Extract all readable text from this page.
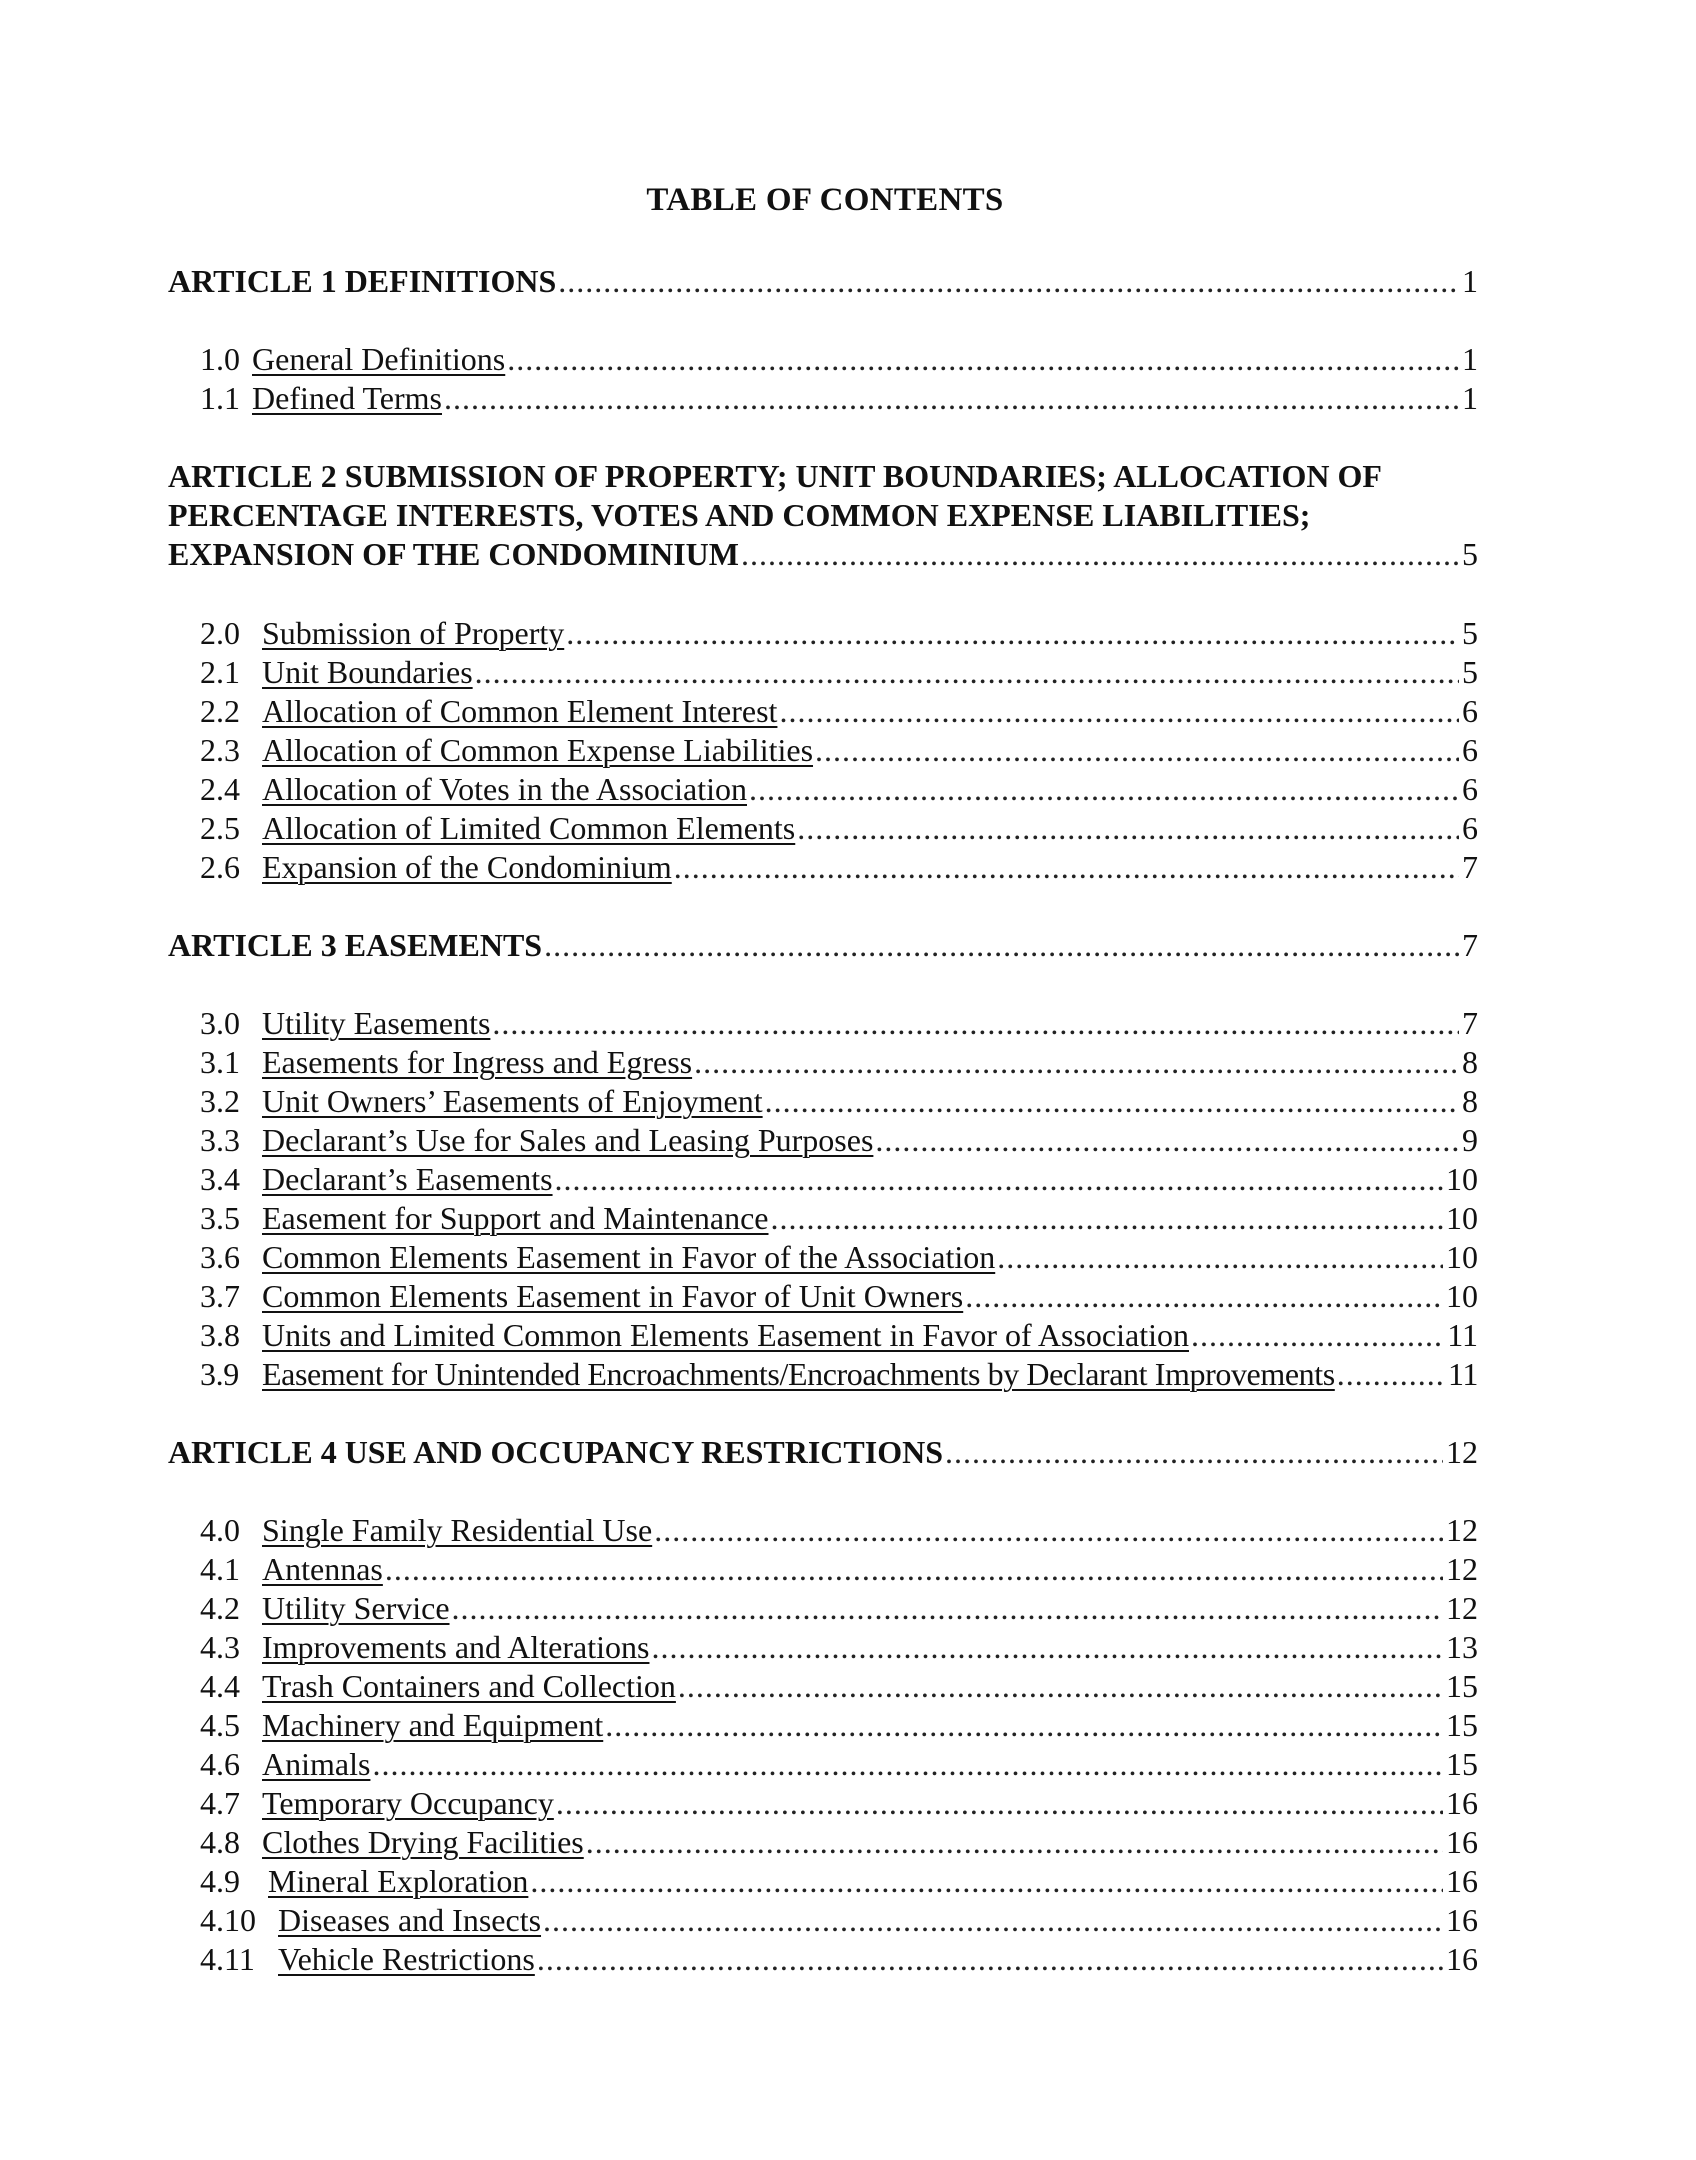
TABLE OF CONTENTS
ARTICLE 1 DEFINITIONS .....	1
1.0 General Definitions .....	1
1.1 Defined Terms .....	1
ARTICLE 2 SUBMISSION OF PROPERTY; UNIT BOUNDARIES; ALLOCATION OF
PERCENTAGE INTERESTS, VOTES AND COMMON EXPENSE LIABILITIES;
EXPANSION OF THE CONDOMINIUM .....	5
2.0 Submission of Property .....	5
2.1 Unit Boundaries .....	5
2.2 Allocation of Common Element Interest .....	6
2.3 Allocation of Common Expense Liabilities .....	6
2.4 Allocation of Votes in the Association .....	6
2.5 Allocation of Limited Common Elements .....	6
2.6 Expansion of the Condominium .....	7
ARTICLE 3 EASEMENTS .....	7
3.0 Utility Easements .....	7
3.1 Easements for Ingress and Egress .....	8
3.2 Unit Owners’ Easements of Enjoyment .....	8
3.3 Declarant’s Use for Sales and Leasing Purposes .....	9
3.4 Declarant’s Easements .....	10
3.5 Easement for Support and Maintenance .....	10
3.6 Common Elements Easement in Favor of the Association .....	10
3.7 Common Elements Easement in Favor of Unit Owners .....	10
3.8 Units and Limited Common Elements Easement in Favor of Association .....	11
3.9 Easement for Unintended Encroachments/Encroachments by Declarant Improvements .....	11
ARTICLE 4 USE AND OCCUPANCY RESTRICTIONS .....	12
4.0 Single Family Residential Use .....	12
4.1 Antennas .....	12
4.2 Utility Service .....	12
4.3 Improvements and Alterations .....	13
4.4 Trash Containers and Collection .....	15
4.5 Machinery and Equipment .....	15
4.6 Animals .....	15
4.7 Temporary Occupancy .....	16
4.8 Clothes Drying Facilities .....	16
4.9 Mineral Exploration .....	16
4.10 Diseases and Insects .....	16
4.11 Vehicle Restrictions .....	16
